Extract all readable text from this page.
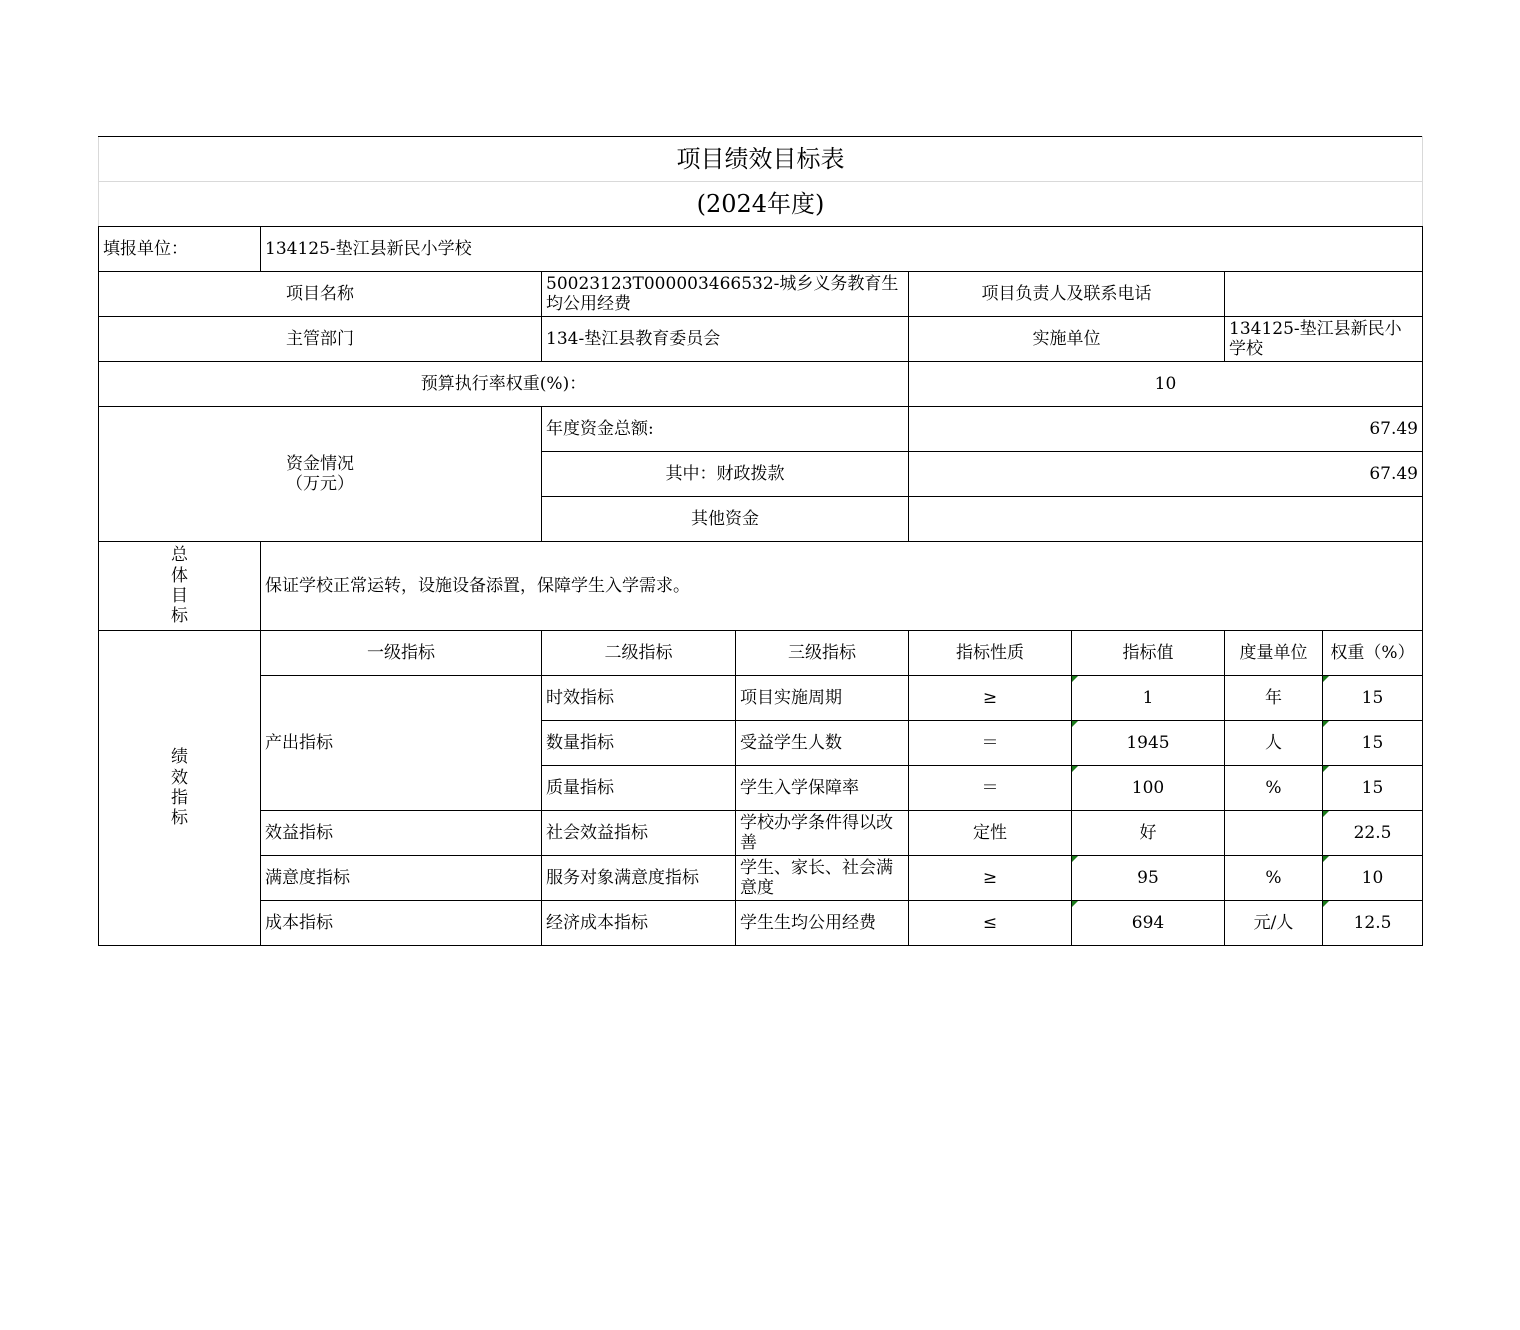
项目绩效目标表							
(2024年度)							
填报单位：	134125-垫江县新民小学校						
项目名称		50023123T000003466532-城乡义务教育生均公用经费		项目负责人及联系电话			
主管部门		134-垫江县教育委员会		实施单位		134125-垫江县新民小学校	
预算执行率权重(%)：				10			

资金情况
（万元）		年度资金总额:		67.49			
		其中：财政拨款		67.49			
		其他资金					

总
体
目
标	保证学校正常运转，设施设备添置，保障学生入学需求。						

绩
效
指
标	一级指标	二级指标	三级指标	指标性质	指标值	度量单位	权重（%）
	产出指标	时效指标	项目实施周期	≥	1	年	15
		数量指标	受益学生人数	＝	1945	人	15
		质量指标	学生入学保障率	＝	100	%	15
	效益指标	社会效益指标	学校办学条件得以改善	定性	好		22.5
	满意度指标	服务对象满意度指标	学生、家长、社会满意度	≥	95	%	10
	成本指标	经济成本指标	学生生均公用经费	≤	694	元/人	12.5
